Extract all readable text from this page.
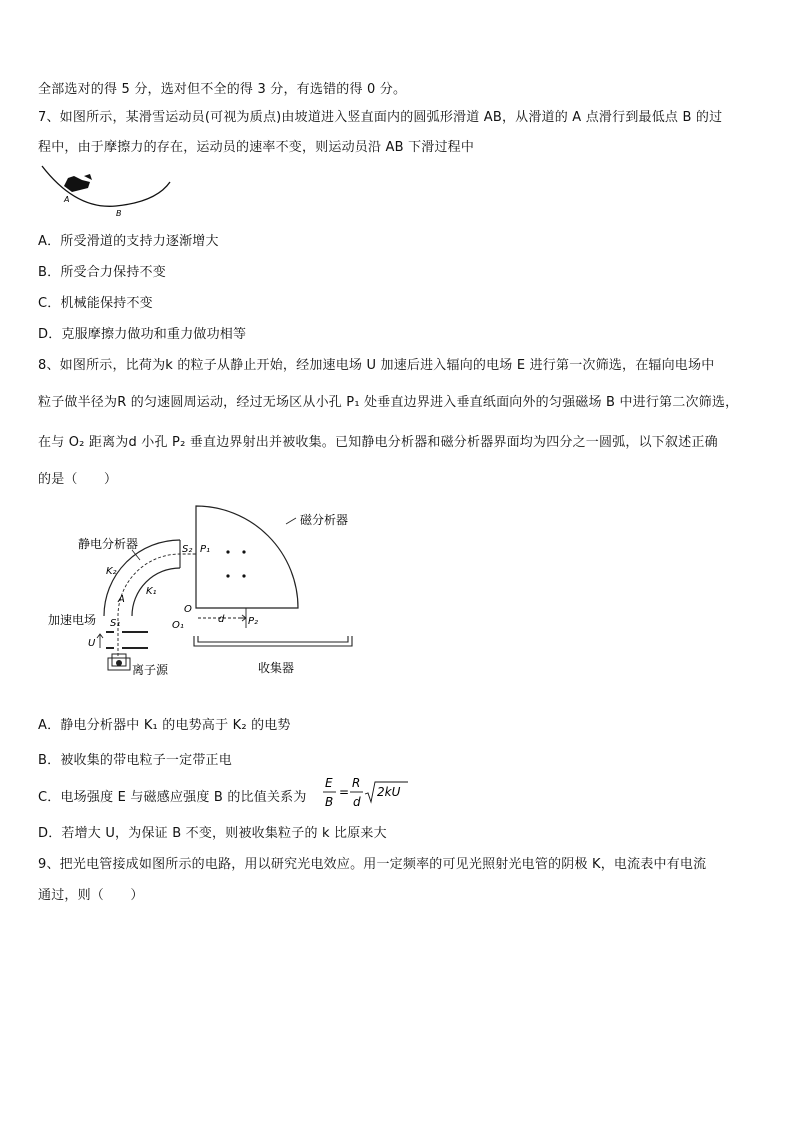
全部选对的得 5 分，选对但不全的得 3 分，有选错的得 0 分。
7、如图所示，某滑雪运动员(可视为质点)由坡道进入竖直面内的圆弧形滑道 AB，从滑道的 A 点滑行到最低点 B 的过
程中，由于摩擦力的存在，运动员的速率不变，则运动员沿 AB 下滑过程中
A
B
A．所受滑道的支持力逐渐增大
B．所受合力保持不变
C．机械能保持不变
D．克服摩擦力做功和重力做功相等
8、如图所示，比荷为k 的粒子从静止开始，经加速电场 U 加速后进入辐向的电场 E 进行第一次筛选，在辐向电场中
粒子做半径为R 的匀速圆周运动，经过无场区从小孔 P₁ 处垂直边界进入垂直纸面向外的匀强磁场 B 中进行第二次筛选，
在与 O₂ 距离为d 小孔 P₂ 垂直边界射出并被收集。已知静电分析器和磁分析器界面均为四分之一圆弧，以下叙述正确
的是（　　）
磁分析器
P₁
O
d P₂
静电分析器	S₂
K₂
K₁
A
O₁
加速电场 S₁
U
离子源	收集器
A．静电分析器中 K₁ 的电势高于 K₂ 的电势
B．被收集的带电粒子一定带正电
C．电场强度 E 与磁感应强度 B 的比值关系为
E
B
=
R
d
2kU
D．若增大 U，为保证 B 不变，则被收集粒子的 k 比原来大
9、把光电管接成如图所示的电路，用以研究光电效应。用一定频率的可见光照射光电管的阴极 K，电流表中有电流
通过，则（　　）
